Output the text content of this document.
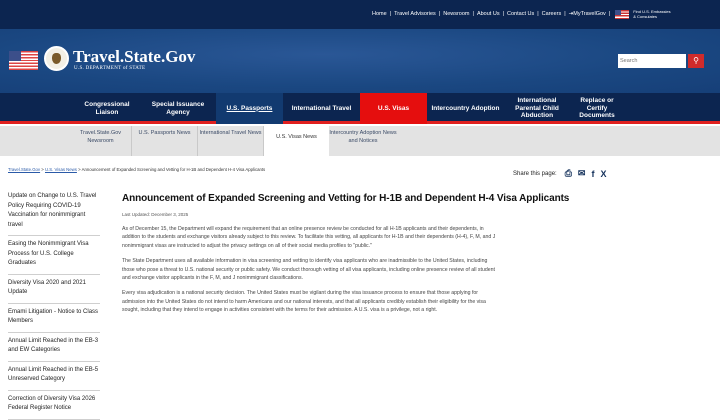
Home | Travel Advisories | Newsroom | About Us | Contact Us | Careers | ⇥ MyTravelGov |	Find U.S. Embassies & Consulates
Travel.State.Gov
U.S. DEPARTMENT of STATE
Search
⚲
Congressional Liaison
Special Issuance Agency
U.S. Passports	International Travel	U.S. Visas	Intercountry Adoption
International Parental Child Abduction
Replace or Certify Documents
Travel.State.Gov Newsroom
U.S. Passports News	International Travel News
U.S. Visas News
Intercountry Adoption News and Notices
Travel.State.Gov > U.S. Visas News > Announcement of Expanded Screening and Vetting for H-1B and Dependent H-4 Visa Applicants
Share this page: ⎙ ✉ f X
Update on Change to U.S. Travel Policy Requiring COVID-19 Vaccination for nonimmigrant travel
Easing the Nonimmigrant Visa Process for U.S. College Graduates
Diversity Visa 2020 and 2021 Update
Emami Litigation - Notice to Class Members
Annual Limit Reached in the EB-3 and EW Categories
Annual Limit Reached in the EB-5 Unreserved Category
Correction of Diversity Visa 2026 Federal Register Notice
Announcement of Expanded Screening and Vetting for H-1B and Dependent H-4 Visa Applicants
Last Updated: December 3, 2025

As of December 15, the Department will expand the requirement that an online presence review be conducted for all H-1B applicants and their dependents, in addition to the students and exchange visitors already subject to this review. To facilitate this vetting, all applicants for H-1B and their dependents (H-4), F, M, and J nonimmigrant visas are instructed to adjust the privacy settings on all of their social media profiles to "public."

The State Department uses all available information in visa screening and vetting to identify visa applicants who are inadmissible to the United States, including those who pose a threat to U.S. national security or public safety. We conduct thorough vetting of all visa applicants, including online presence review of all student and exchange visitor applicants in the F, M, and J nonimmigrant classifications.

Every visa adjudication is a national security decision. The United States must be vigilant during the visa issuance process to ensure that those applying for admission into the United States do not intend to harm Americans and our national interests, and that all applicants credibly establish their eligibility for the visa sought, including that they intend to engage in activities consistent with the terms for their admission. A U.S. visa is a privilege, not a right.
